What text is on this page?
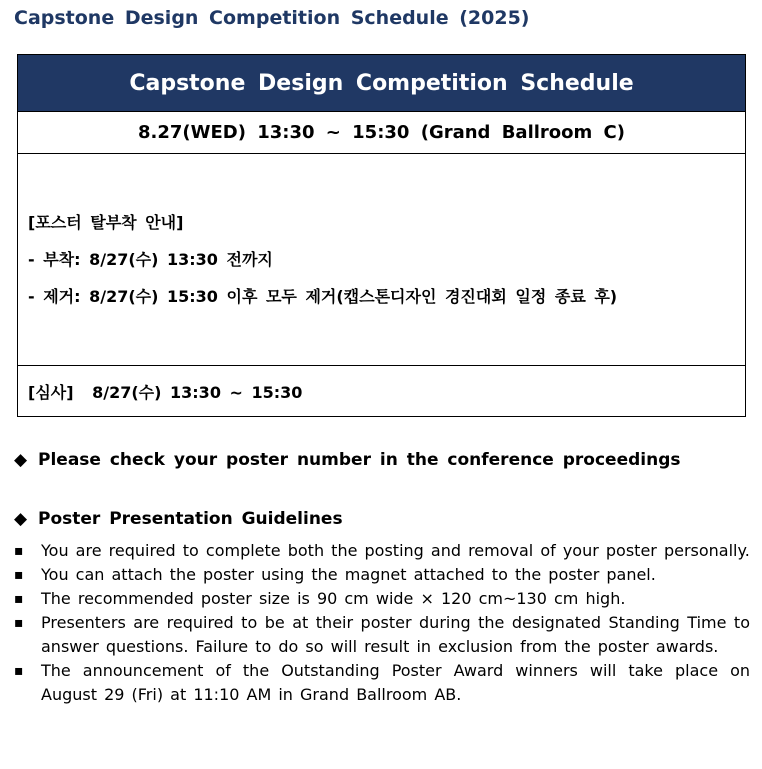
Capstone Design Competition Schedule (2025)
Capstone Design Competition Schedule
8.27(WED) 13:30 ~ 15:30 (Grand Ballroom C)

[포스터 탈부착 안내]
- 부착: 8/27(수) 13:30 전까지
- 제거: 8/27(수) 15:30 이후 모두 제거(캡스톤디자인 경진대회 일정 종료 후)

[심사] 8/27(수) 13:30 ~ 15:30
◆ Please check your poster number in the conference proceedings
◆ Poster Presentation Guidelines
▪ You are required to complete both the posting and removal of your poster personally.
▪ You can attach the poster using the magnet attached to the poster panel.
▪ The recommended poster size is 90 cm wide × 120 cm~130 cm high.
▪ Presenters are required to be at their poster during the designated Standing Time to answer questions. Failure to do so will result in exclusion from the poster awards.
▪ The announcement of the Outstanding Poster Award winners will take place on August 29 (Fri) at 11:10 AM in Grand Ballroom AB.
